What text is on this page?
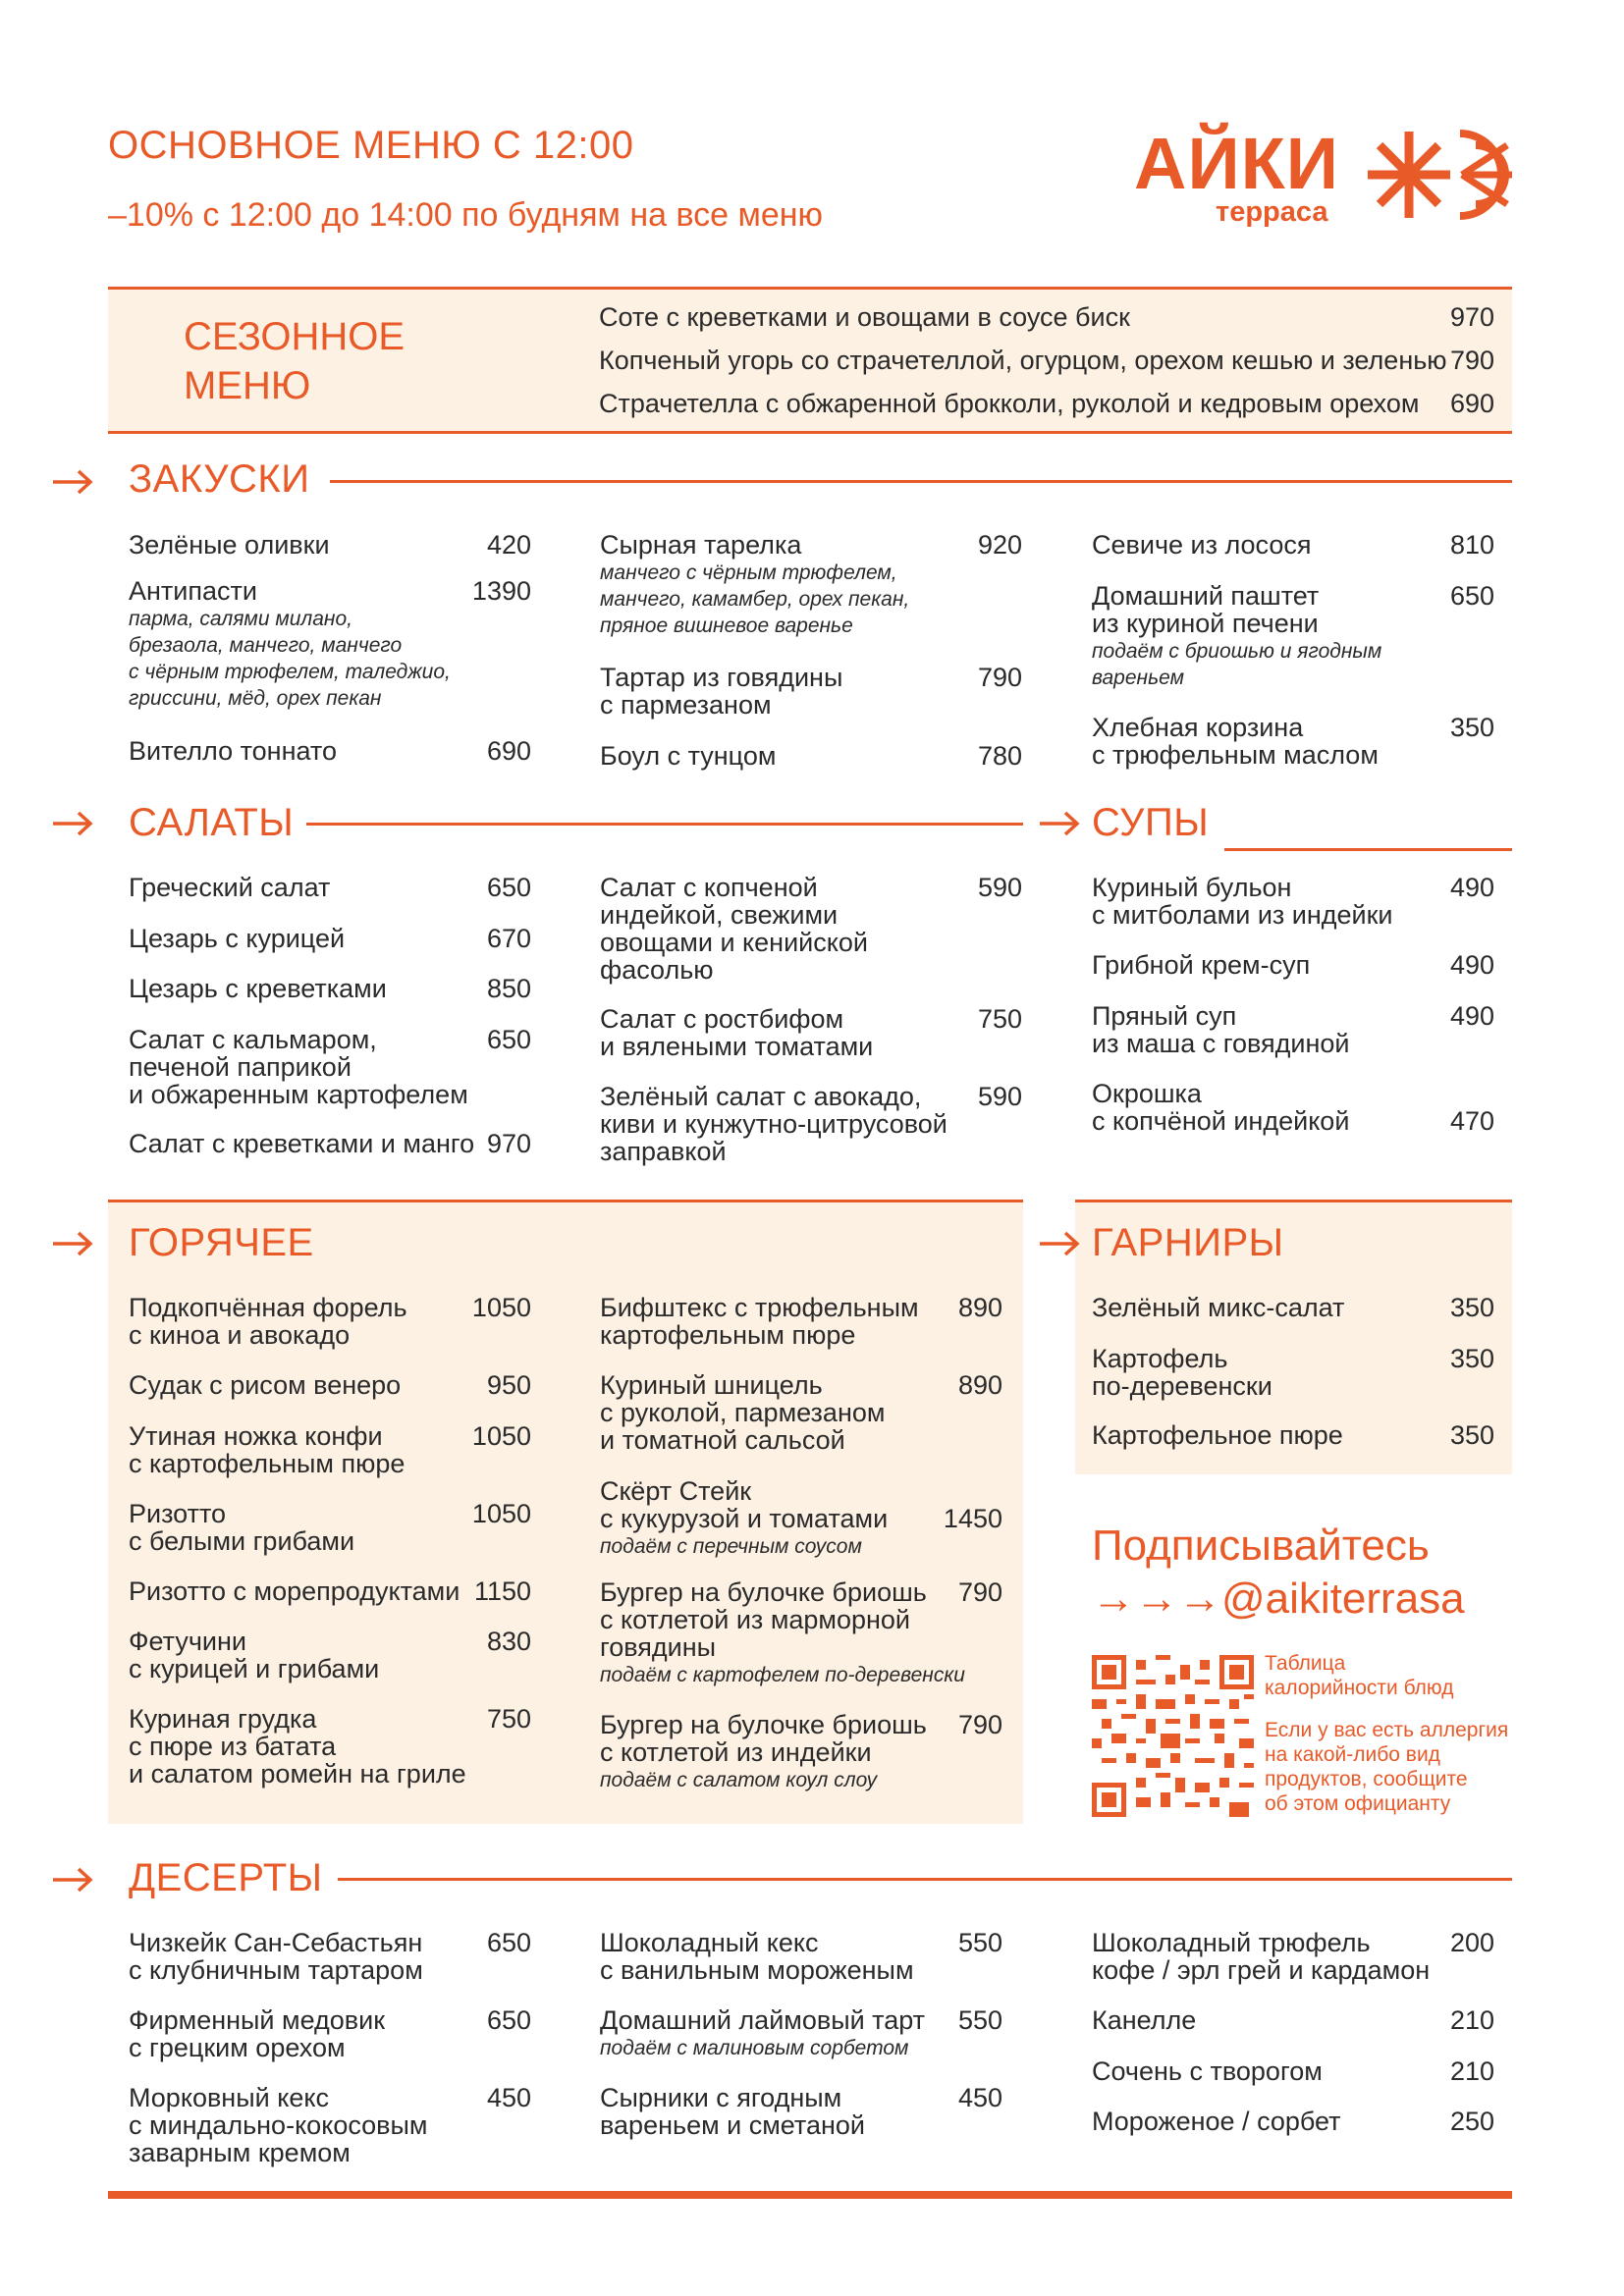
ОСНОВНОЕ МЕНЮ С 12:00
–10% с 12:00 до 14:00 по будням на все меню
АЙКИ
терраса
СЕЗОННОЕ
МЕНЮ
Соте с креветками и овощами в соусе биск	970
Копченый угорь со страчетеллой, огурцом, орехом кешью и зеленью 790
Страчетелла с обжаренной брокколи, руколой и кедровым орехом 690
ЗАКУСКИ
САЛАТЫ	СУПЫ
ГОРЯЧЕЕ	ГАРНИРЫ
ДЕСЕРТЫ
Зелёные оливки	420
Антипасти	1390
парма, салями милано,
брезаола, манчего, манчего
с чёрным трюфелем, таледжио,
гриссини, мёд, орех пекан
Вителло тоннато	690
Сырная тарелка	920
манчего с чёрным трюфелем,
манчего, камамбер, орех пекан,
пряное вишневое варенье
Тартар из говядины
с пармезаном
790
Боул с тунцом	780
Севиче из лосося	810
Домашний паштет
из куриной печени
650
подаём с бриошью и ягодным
вареньем
Хлебная корзина
с трюфельным маслом
350
Греческий салат	650
Цезарь с курицей	670
Цезарь с креветками	850
Салат с кальмаром,
печеной паприкой
и обжаренным картофелем
650
Салат с креветками и манго 970
Салат с копченой
индейкой, свежими
овощами и кенийской
фасолью
590
Салат с ростбифом
и вялеными томатами
750
Зелёный салат с авокадо,
киви и кунжутно-цитрусовой
заправкой
590
Куриный бульон
с митболами из индейки
490
Грибной крем-суп	490
Пряный суп
из маша с говядиной
490
Окрошка
с копчёной индейкой	470
Подкопчённая форель
с киноа и авокадо
1050
Судак с рисом венеро	950
Утиная ножка конфи
с картофельным пюре
1050
Ризотто
с белыми грибами
1050
Ризотто с морепродуктами 1150
Фетучини
с курицей и грибами
830
Куриная грудка
с пюре из батата
и салатом ромейн на гриле
750
Бифштекс с трюфельным
картофельным пюре
890
Куриный шницель
с руколой, пармезаном
и томатной сальсой
890
Скёрт Стейк
с кукурузой и томатами	1450
подаём с перечным соусом
Бургер на булочке бриошь
с котлетой из марморной
говядины
790
подаём с картофелем по-деревенски
Бургер на булочке бриошь
с котлетой из индейки
790
подаём с салатом коул слоу
Зелёный микс-салат	350
Картофель
по-деревенски
350
Картофельное пюре	350
Подписывайтесь
→→→@aikiterrasa
Таблица
калорийности блюд
Если у вас есть аллергия
на какой-либо вид
продуктов, сообщите
об этом официанту
Чизкейк Сан-Себастьян
с клубничным тартаром
650
Фирменный медовик
с грецким орехом
650
Морковный кекс
с миндально-кокосовым
заварным кремом
450
Шоколадный кекс
с ванильным мороженым
550
Домашний лаймовый тарт	550
подаём с малиновым сорбетом
Сырники с ягодным
вареньем и сметаной
450
Шоколадный трюфель
кофе / эрл грей и кардамон
200
Канелле	210
Сочень с творогом	210
Мороженое / сорбет	250
